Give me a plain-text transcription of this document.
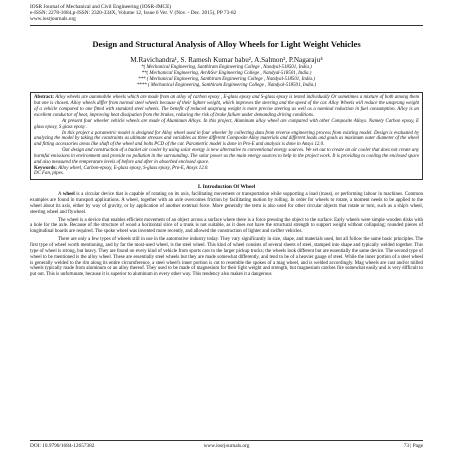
IOSR Journal of Mechanical and Civil Engineering (IOSR-JMCE)
e-ISSN: 2278-1684,p-ISSN: 2320-334X, Volume 12, Issue 6 Ver. V (Nov. - Dec. 2015), PP 73-82
www.iosrjournals.org
Design and Structural Analysis of Alloy Wheels for Light Weight Vehicles
M.Ravichandra¹, S. Ramesh Kumar babu², A.Salmon³, P.Nagaraju⁴
*( Mechanical Engineering, Santhiram Engineering College , Nandyal-518501, India.)
**( Mechanical Engineering, Avr&Svr Engineering College , Nandyal-518501, India.)
*** ( Mechanical Engineering, Santhiram Engineering College , Nandyal-518501, India.)
**** ( Mechanical Engineering, Santhiram Engineering College , Nandyal-518501, India.)

Abstract: Alloy wheels are automobile wheels which are made from an alloy of carbon epoxy , E-glass epoxy and S-glass epoxy is tested individually Or sometimes a mixture of both among them but one is chosen. Alloy wheels differ from normal steel wheels because of their lighter weight, which improves the steering and the speed of the car. Alloy Wheels will reduce the unsprung weight of a vehicle compared to one fitted with standard steel wheels. The benefit of reduced unsprung weight is more precise steering as well as a nominal reduction in fuel consumption. Alloy is an excellent conductor of heat, improving heat dissipation from the brakes, reducing the risk of brake failure under demanding driving conditions.

At present four wheeler vehicle wheels are made of Aluminum Alloys. In this project, Aluminum alloy wheel are compared with other Composite Alloys. Namely Carbon epoxy, E glass epoxy, S glass epoxy .

In this project a parametric model is designed for Alloy wheel used in four wheeler by collecting data from reverse engineering process from existing model. Design is evaluated by analyzing the model by taking the constraints as ultimate stresses and variables as three different Composite Alloy materials and different loads and goals as maximum outer diameter of the wheel and fitting accessories areas like shaft of the wheel and bolts PCD of the car. Parametric model is done in Pro-E and analysis is done in Ansys 12.0.

Our design and construction of a bucket air cooler by using solar energy is new alternative to conventional energy sources. We set out to create an air cooler that does not create any harmful emissions in environment and provide no pollution in the surrounding. The solar power as the main energy sources to help in the project work. It is providing to cooling the enclosed space and also measured the temperature levels of before and after in absorbed enclosed space.

Keywords: Alloy wheel, Carbon-epoxy, E-glass epoxy, S-glass epoxy, Pro-E, Ansys 12.0.

DC Fan, pipes.

I. Introduction Of Wheel

A wheel is a circular device that is capable of rotating on its axis, facilitating movement or transportation while supporting a load (mass), or performing labour in machines. Common examples are found in transport applications. A wheel, together with an axle overcomes friction by facilitating motion by rolling. In order for wheels to rotate, a moment needs to be applied to the wheel about its axis, either by way of gravity, or by application of another external force. More generally the term is also used for other circular objects that rotate or turn, such as a ship's wheel, steering wheel and flywheel.

The wheel is a device that enables efficient movement of an object across a surface where there is a force pressing the object to the surface. Early wheels were simple wooden disks with a hole for the axle. Because of the structure of wood a horizontal slice of a trunk is not suitable, as it does not have the structural strength to support weight without collapsing; rounded pieces of longitudinal boards are required. The spoke wheel was invented more recently, and allowed the construction of lighter and swifter vehicles.

There are only a few types of wheels still in use in the automotive industry today. They vary significantly in size, shape, and materials used, but all follow the same basic principles. The first type of wheel worth mentioning, and by far the most-used wheel, is the steel wheel. This kind of wheel consists of several sheets of steel, stamped into shape and typically welded together. This type of wheel is strong, but heavy. They are found on every kind of vehicle from sports cars to the larger pickup trucks; the wheels look different but are essentially the same device. The second type of wheel to be mentioned is the alloy wheel. These are essentially steel wheels but they are made somewhat differently, and tend to be of a heavier gauge of steel. While the inner portion of a steel wheel is generally welded to the rim along its entire circumference, a steel wheel's inner portion is cut to resemble the spokes of a mag wheel, and is welded accordingly. Mag wheels are cast and/or milled wheels typically made from aluminum or an alloy thereof. They used to be made of magnesium for their light weight and strength, but magnesium catches fire somewhat easily and is very difficult to put out. This is unfortunate, because it is superior to aluminum in every other way. This tendency also makes it a dangerous

DOI: 10.9790/1684-12657382	www.iosrjournals.org	73 | Page
